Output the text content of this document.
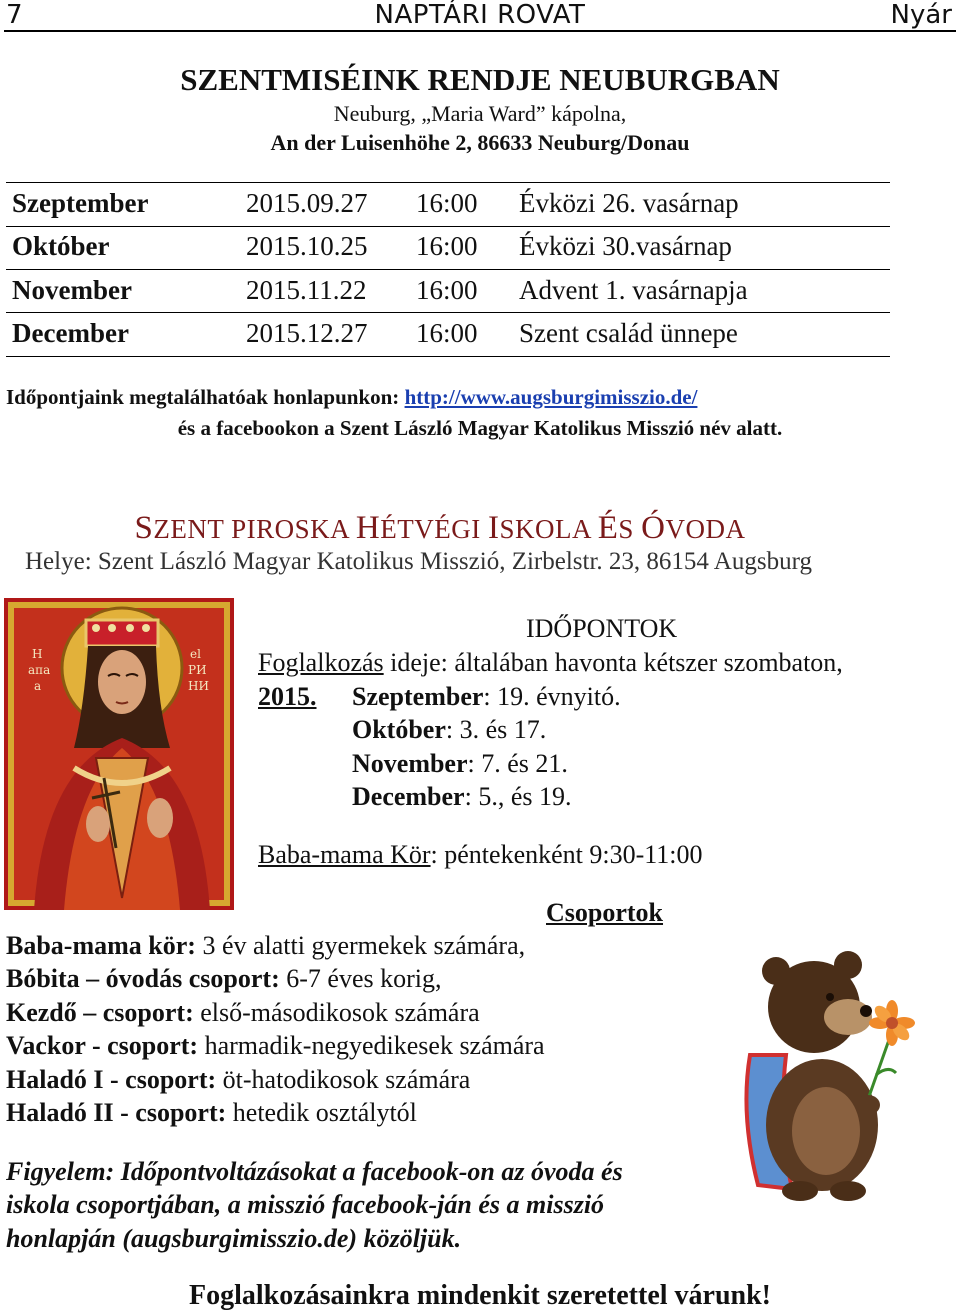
7	NAPTÁRI ROVAT	Nyár
SZENTMISÉINK RENDJE NEUBURGBAN
Neuburg, „Maria Ward” kápolna,
An der Luisenhöhe 2, 86633 Neuburg/Donau
Szeptember	2015.09.27 16:00 Évközi 26. vasárnap
Október	2015.10.25 16:00 Évközi 30.vasárnap
November	2015.11.22 16:00 Advent 1. vasárnapja
December	2015.12.27 16:00 Szent család ünnepe
Időpontjaink megtalálhatóak honlapunkon: http://www.augsburgimisszio.de/
és a facebookon a Szent László Magyar Katolikus Misszió név alatt.
SZENT PIROSKA HÉTVÉGI ISKOLA ÉS ÓVODA
Helye: Szent László Magyar Katolikus Misszió, Zirbelstr. 23, 86154 Augsburg
Н
апа
а
еl
РИ
НИ
IDŐPONTOK
Foglalkozás ideje: általában havonta kétszer szombaton,
2015. Szeptember: 19. évnyitó.
Október: 3. és 17.
November: 7. és 21.
December: 5., és 19.
Baba-mama Kör: péntekenként 9:30-11:00
Csoportok
Baba-mama kör: 3 év alatti gyermekek számára,
Bóbita – óvodás csoport: 6-7 éves korig,
Kezdő – csoport: első-másodikosok számára
Vackor - csoport: harmadik-negyedikesek számára
Haladó I - csoport: öt-hatodikosok számára
Haladó II - csoport: hetedik osztálytól
Figyelem: Időpontvoltázásokat a facebook-on az óvoda és
iskola csoportjában, a misszió facebook-ján és a misszió
honlapján (augsburgimisszio.de) közöljük.
Foglalkozásainkra mindenkit szeretettel várunk!
